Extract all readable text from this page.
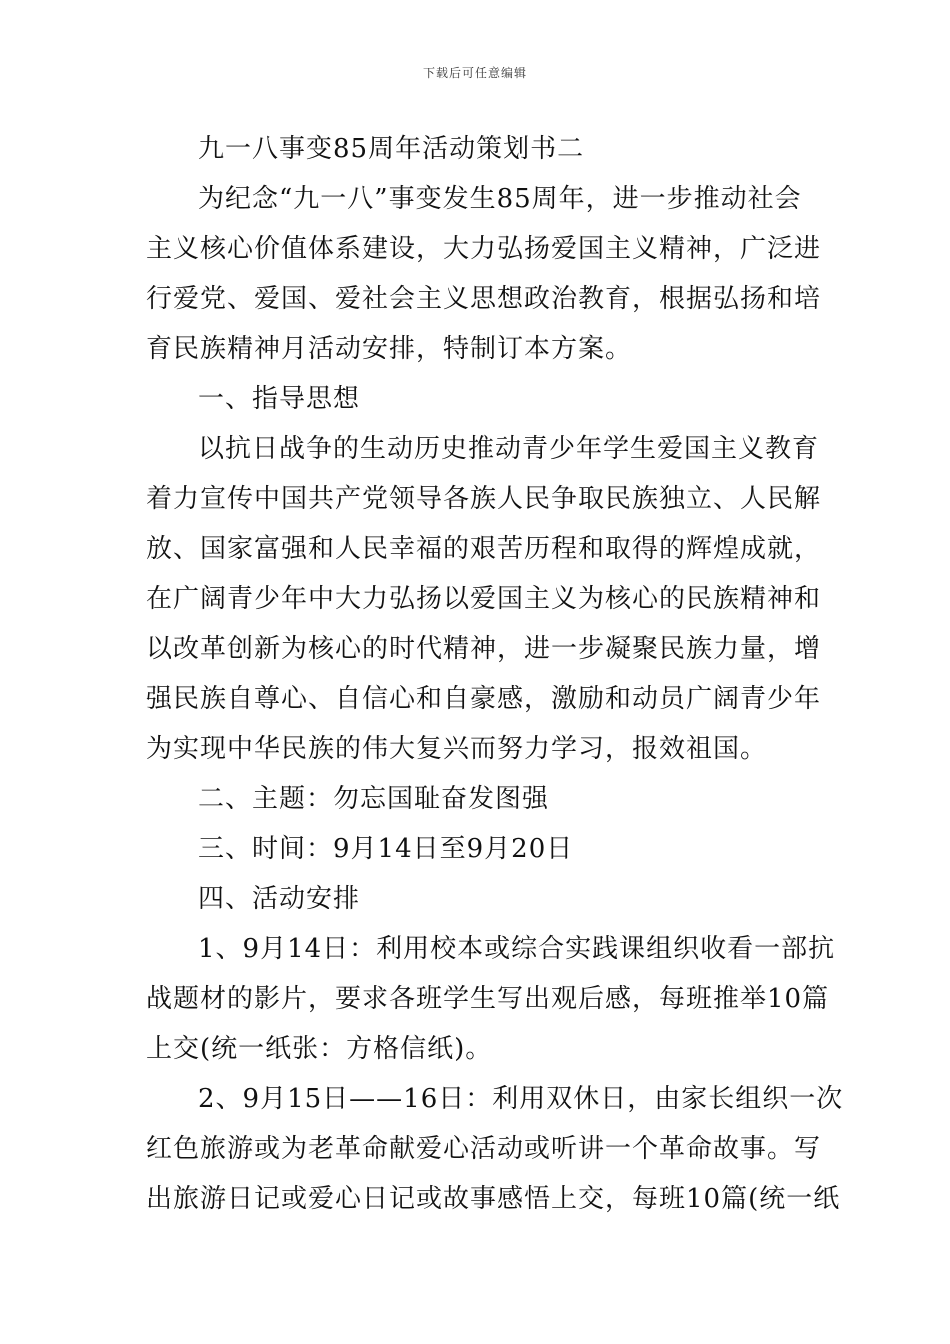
下载后可任意编辑

九一八事变85周年活动策划书二

为纪念“九一八”事变发生85周年，进一步推动社会

主义核心价值体系建设，大力弘扬爱国主义精神，广泛进

行爱党、爱国、爱社会主义思想政治教育，根据弘扬和培

育民族精神月活动安排，特制订本方案。

一、指导思想

以抗日战争的生动历史推动青少年学生爱国主义教育

着力宣传中国共产党领导各族人民争取民族独立、人民解

放、国家富强和人民幸福的艰苦历程和取得的辉煌成就，

在广阔青少年中大力弘扬以爱国主义为核心的民族精神和

以改革创新为核心的时代精神，进一步凝聚民族力量，增

强民族自尊心、自信心和自豪感，激励和动员广阔青少年

为实现中华民族的伟大复兴而努力学习，报效祖国。

二、主题：勿忘国耻奋发图强

三、时间：9月14日至9月20日

四、活动安排

1、9月14日：利用校本或综合实践课组织收看一部抗

战题材的影片，要求各班学生写出观后感，每班推举10篇

上交(统一纸张：方格信纸)。

2、9月15日——16日：利用双休日，由家长组织一次

红色旅游或为老革命献爱心活动或听讲一个革命故事。写

出旅游日记或爱心日记或故事感悟上交，每班10篇(统一纸
